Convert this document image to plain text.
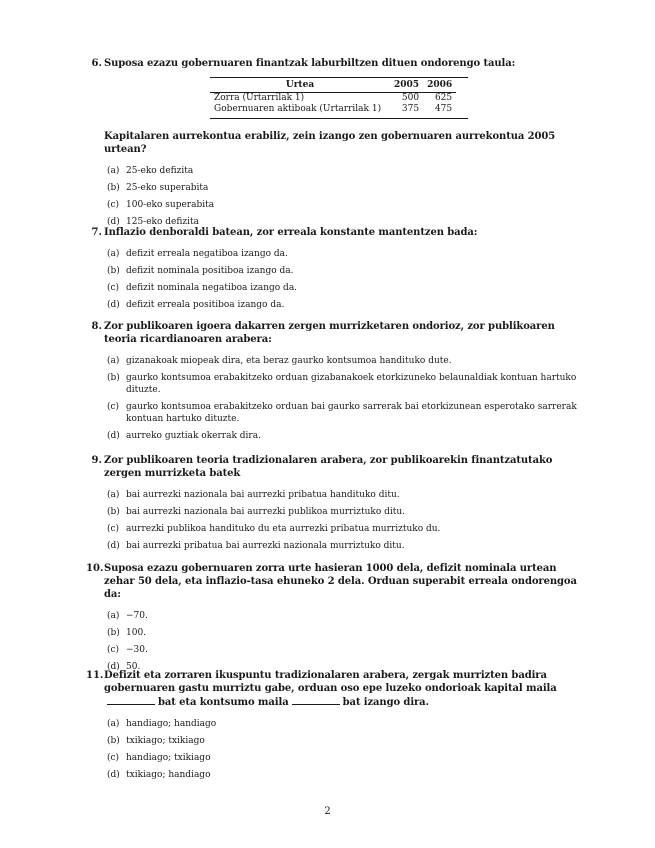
6. Suposa ezazu gobernuaren finantzak laburbiltzen dituen ondorengo taula:
Urtea	2005	2006
Zorra (Urtarrilak 1)	500	625
Gobernuaren aktiboak (Urtarrilak 1)	375	475
Kapitalaren aurrekontua erabiliz, zein izango zen gobernuaren aurrekontua 2005 urtean?
(a) 25-eko defizita
(b) 25-eko superabita
(c) 100-eko superabita
(d) 125-eko defizita
7. Inflazio denboraldi batean, zor erreala konstante mantentzen bada:
(a) defizit erreala negatiboa izango da.
(b) defizit nominala positiboa izango da.
(c) defizit nominala negatiboa izango da.
(d) defizit erreala positiboa izango da.
8. Zor publikoaren igoera dakarren zergen murrizketaren ondorioz, zor publikoaren teoria ricardianoaren arabera:
(a) gizanakoak miopeak dira, eta beraz gaurko kontsumoa handituko dute.
(b) gaurko kontsumoa erabakitzeko orduan gizabanakoek etorkizuneko belaunaldiak kontuan hartuko dituzte.
(c) gaurko kontsumoa erabakitzeko orduan bai gaurko sarrerak bai etorkizunean esperotako sarrerak kontuan hartuko dituzte.
(d) aurreko guztiak okerrak dira.
9. Zor publikoaren teoria tradizionalaren arabera, zor publikoarekin finantzatutako zergen murrizketa batek
(a) bai aurrezki nazionala bai aurrezki pribatua handituko ditu.
(b) bai aurrezki nazionala bai aurrezki publikoa murriztuko ditu.
(c) aurrezki publikoa handituko du eta aurrezki pribatua murriztuko du.
(d) bai aurrezki pribatua bai aurrezki nazionala murriztuko ditu.
10. Suposa ezazu gobernuaren zorra urte hasieran 1000 dela, defizit nominala urtean zehar 50 dela, eta inflazio-tasa ehuneko 2 dela. Orduan superabit erreala ondorengoa da:
(a) −70.
(b) 100.
(c) −30.
(d) 50.
11. Defizit eta zorraren ikuspuntu tradizionalaren arabera, zergak murrizten badira gobernuaren gastu murriztu gabe, orduan oso epe luzeko ondorioak kapital mailabat eta kontsumo maila	bat izango dira.
(a) handiago; handiago
(b) txikiago; txikiago
(c) handiago; txikiago
(d) txikiago; handiago
2
